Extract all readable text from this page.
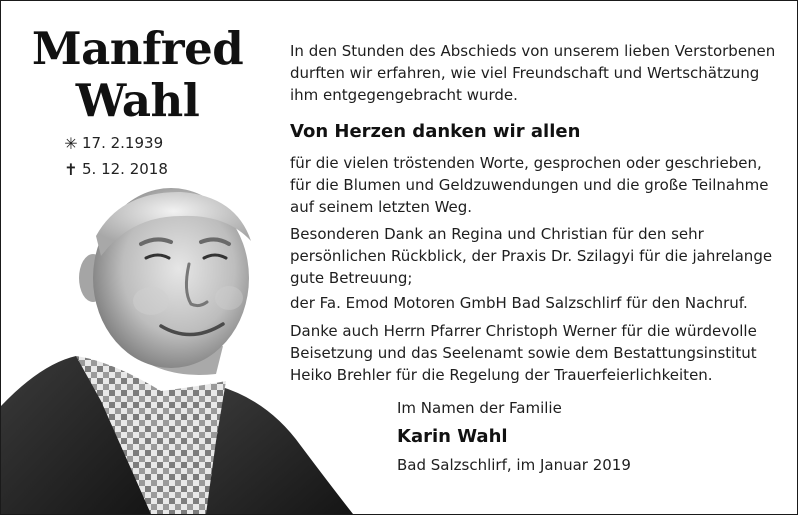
Manfred
Wahl
✳ 17. 2.1939
✝ 5. 12. 2018
In den Stunden des Abschieds von unserem lieben Verstorbenen durften wir erfahren, wie viel Freundschaft und Wertschätzung ihm entgegengebracht wurde.
Von Herzen danken wir allen
für die vielen tröstenden Worte, gesprochen oder geschrieben, für die Blumen und Geldzuwendungen und die große Teilnahme auf seinem letzten Weg.
Besonderen Dank an Regina und Christian für den sehr persönlichen Rückblick, der Praxis Dr. Szilagyi für die jahrelange gute Betreuung;
der Fa. Emod Motoren GmbH Bad Salzschlirf für den Nachruf.
Danke auch Herrn Pfarrer Christoph Werner für die würdevolle Beisetzung und das Seelenamt sowie dem Bestattungsinstitut Heiko Brehler für die Regelung der Trauerfeierlichkeiten.
Im Namen der Familie
Karin Wahl
Bad Salzschlirf, im Januar 2019
